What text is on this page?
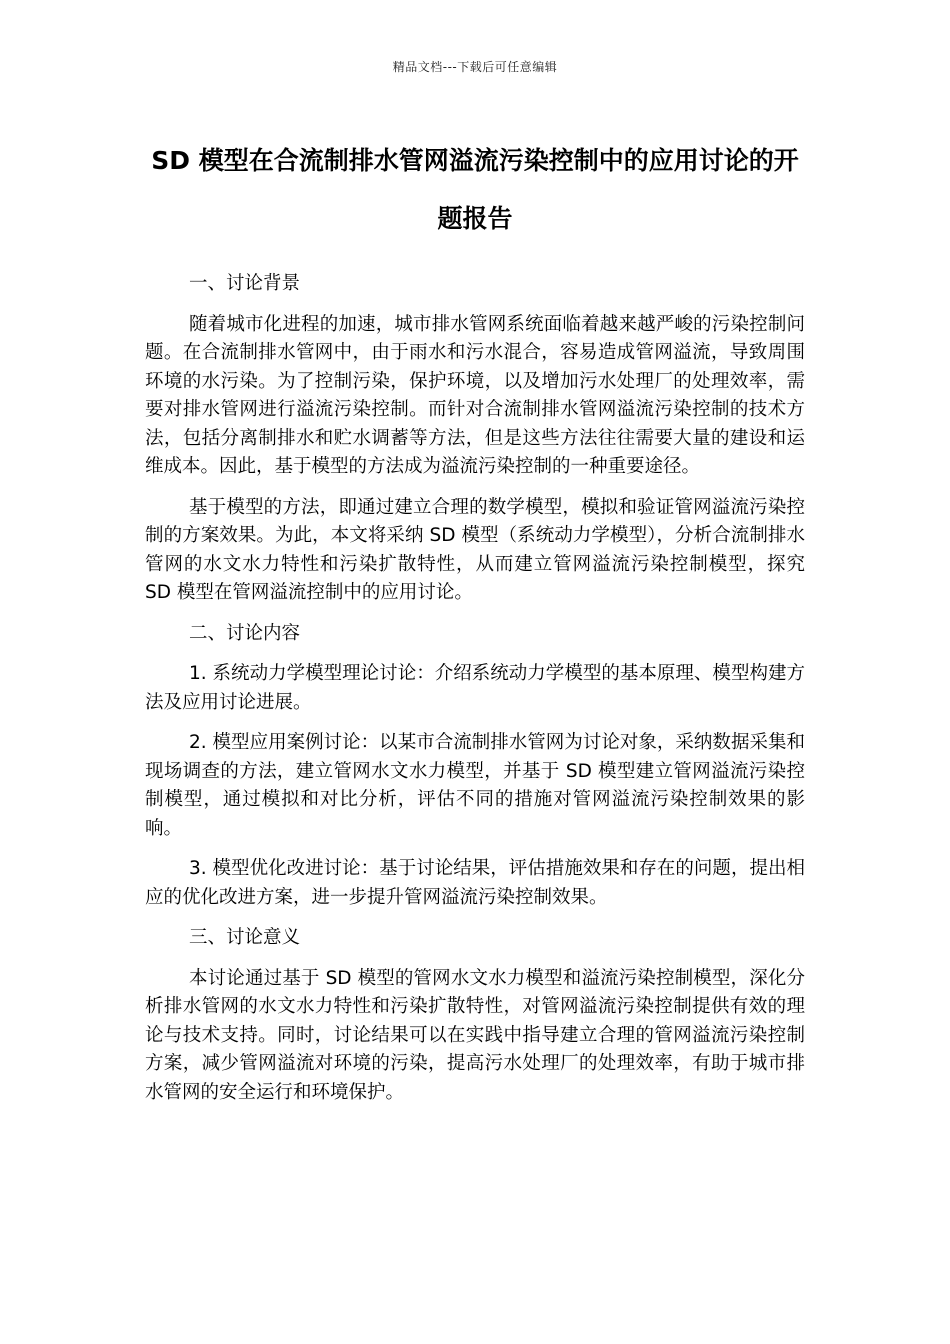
精品文档---下载后可任意编辑
SD 模型在合流制排水管网溢流污染控制中的应用讨论的开题报告

一、讨论背景

随着城市化进程的加速，城市排水管网系统面临着越来越严峻的污染控制问题。在合流制排水管网中，由于雨水和污水混合，容易造成管网溢流，导致周围环境的水污染。为了控制污染，保护环境，以及增加污水处理厂的处理效率，需要对排水管网进行溢流污染控制。而针对合流制排水管网溢流污染控制的技术方法，包括分离制排水和贮水调蓄等方法，但是这些方法往往需要大量的建设和运维成本。因此，基于模型的方法成为溢流污染控制的一种重要途径。

基于模型的方法，即通过建立合理的数学模型，模拟和验证管网溢流污染控制的方案效果。为此，本文将采纳 SD 模型（系统动力学模型），分析合流制排水管网的水文水力特性和污染扩散特性，从而建立管网溢流污染控制模型，探究 SD 模型在管网溢流控制中的应用讨论。

二、讨论内容

1. 系统动力学模型理论讨论：介绍系统动力学模型的基本原理、模型构建方法及应用讨论进展。

2. 模型应用案例讨论：以某市合流制排水管网为讨论对象，采纳数据采集和现场调查的方法，建立管网水文水力模型，并基于 SD 模型建立管网溢流污染控制模型，通过模拟和对比分析，评估不同的措施对管网溢流污染控制效果的影响。

3. 模型优化改进讨论：基于讨论结果，评估措施效果和存在的问题，提出相应的优化改进方案，进一步提升管网溢流污染控制效果。

三、讨论意义

本讨论通过基于 SD 模型的管网水文水力模型和溢流污染控制模型，深化分析排水管网的水文水力特性和污染扩散特性，对管网溢流污染控制提供有效的理论与技术支持。同时，讨论结果可以在实践中指导建立合理的管网溢流污染控制方案，减少管网溢流对环境的污染，提高污水处理厂的处理效率，有助于城市排水管网的安全运行和环境保护。
